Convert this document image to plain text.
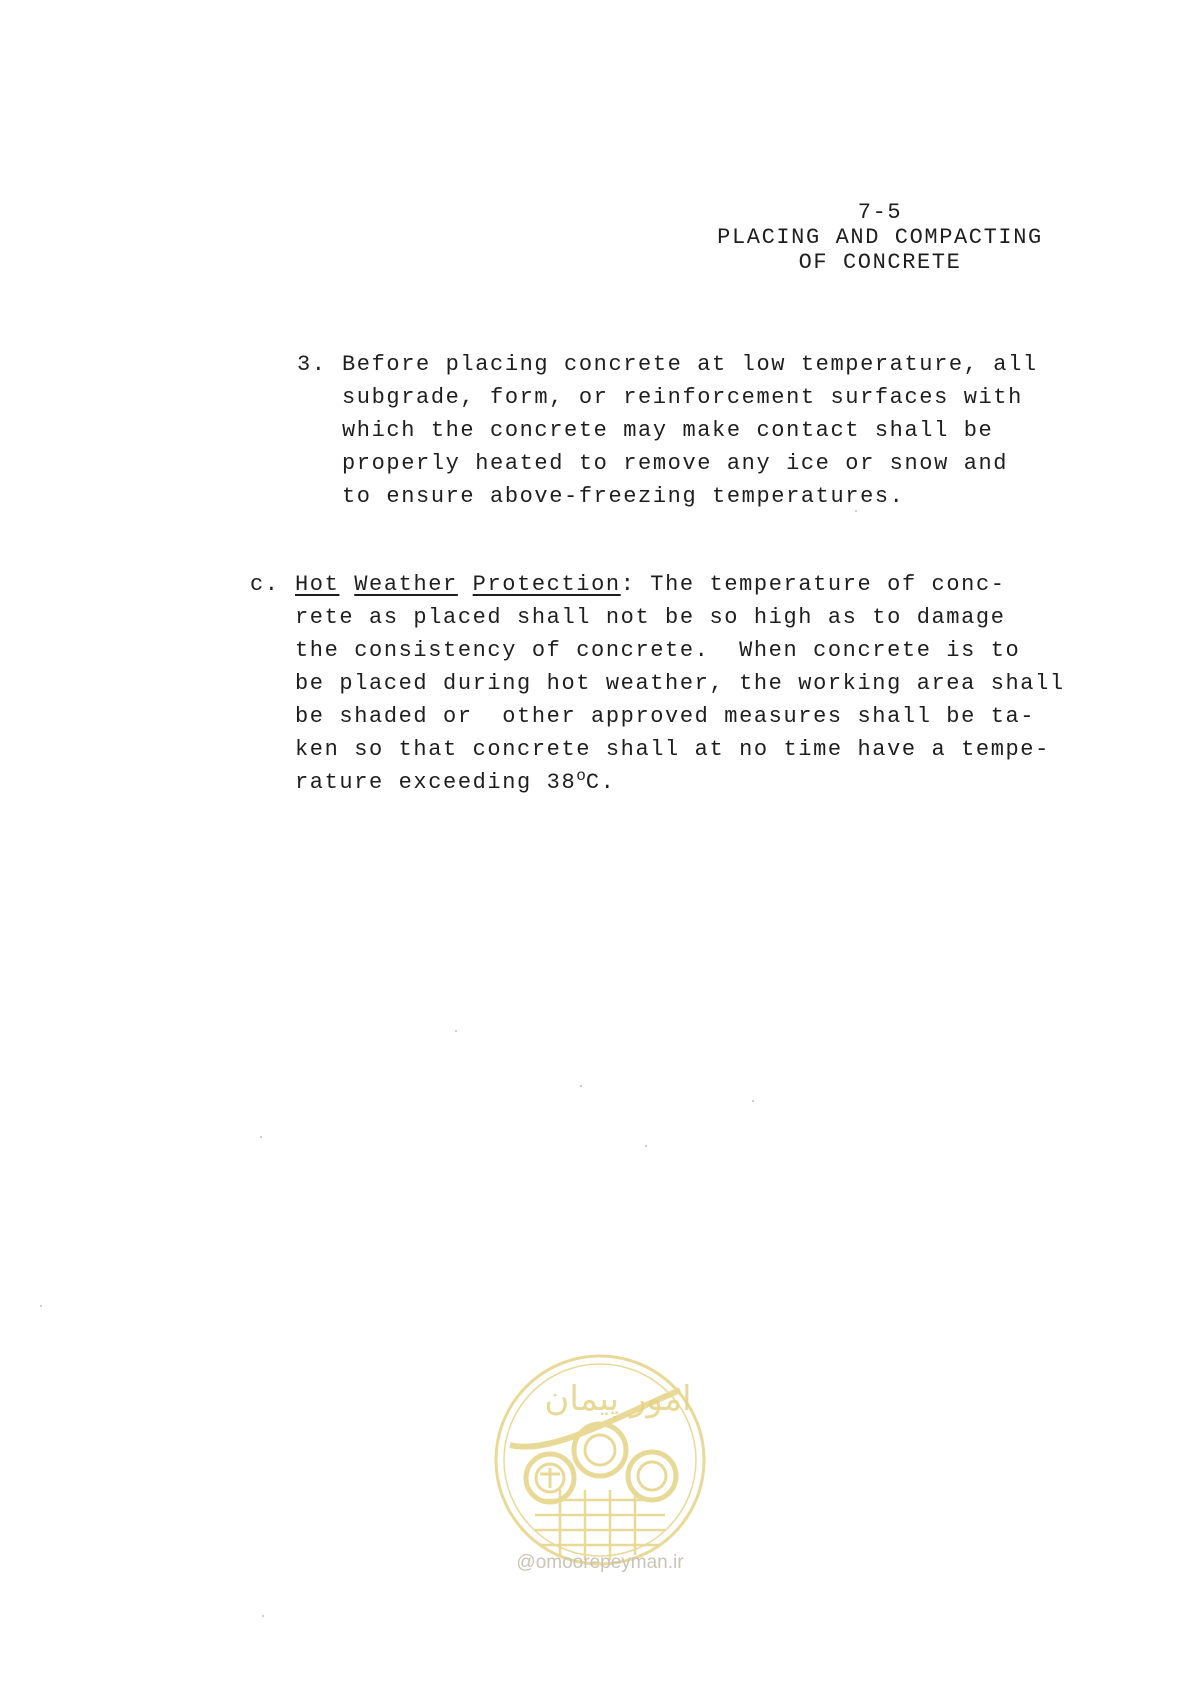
7-5
PLACING AND COMPACTING
OF CONCRETE
3. Before placing concrete at low temperature, all
subgrade, form, or reinforcement surfaces with
which the concrete may make contact shall be
properly heated to remove any ice or snow and
to ensure above-freezing temperatures.
c. Hot Weather Protection: The temperature of conc-
rete as placed shall not be so high as to damage
the consistency of concrete.  When concrete is to
be placed during hot weather, the working area shall
be shaded or  other approved measures shall be ta-
ken so that concrete shall at no time have a tempe-
rature exceeding 38$^o$C.
امور پیمان
@omoorepeyman.ir
